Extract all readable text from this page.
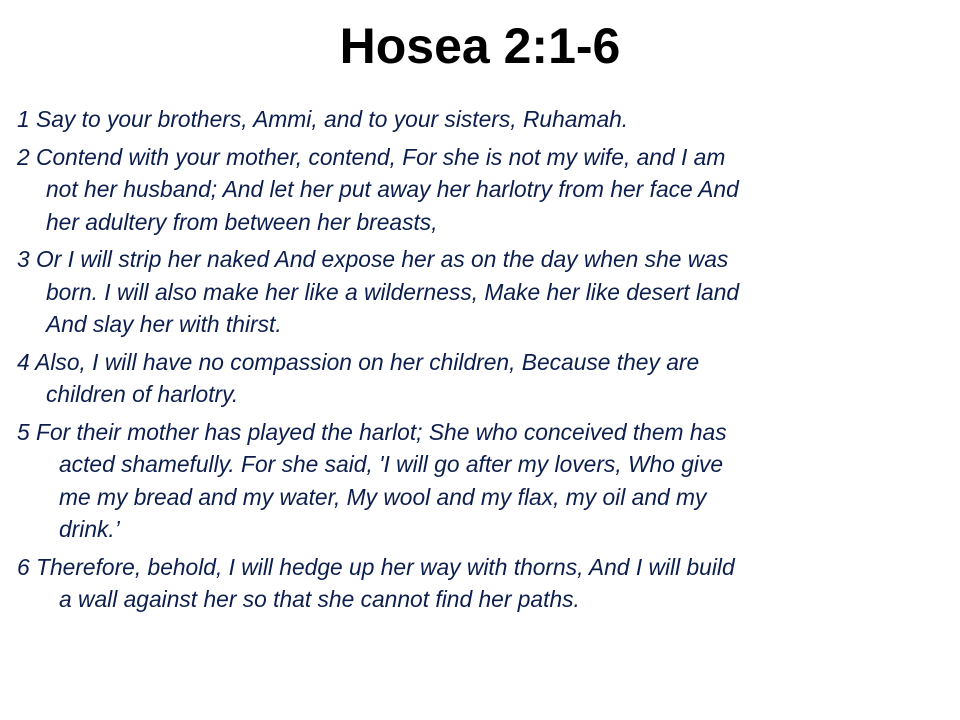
Hosea 2:1-6

1 Say to your brothers, Ammi, and to your sisters, Ruhamah.

2 Contend with your mother, contend, For she is not my wife, and I am
not her husband; And let her put away her harlotry from her face And
her adultery from between her breasts,

3 Or I will strip her naked And expose her as on the day when she was
born. I will also make her like a wilderness, Make her like desert land
And slay her with thirst.

4 Also, I will have no compassion on her children, Because they are
children of harlotry.

5 For their mother has played the harlot; She who conceived them has
acted shamefully. For she said, 'I will go after my lovers, Who give
me my bread and my water, My wool and my flax, my oil and my
drink.’

6 Therefore, behold, I will hedge up her way with thorns, And I will build
a wall against her so that she cannot find her paths.
